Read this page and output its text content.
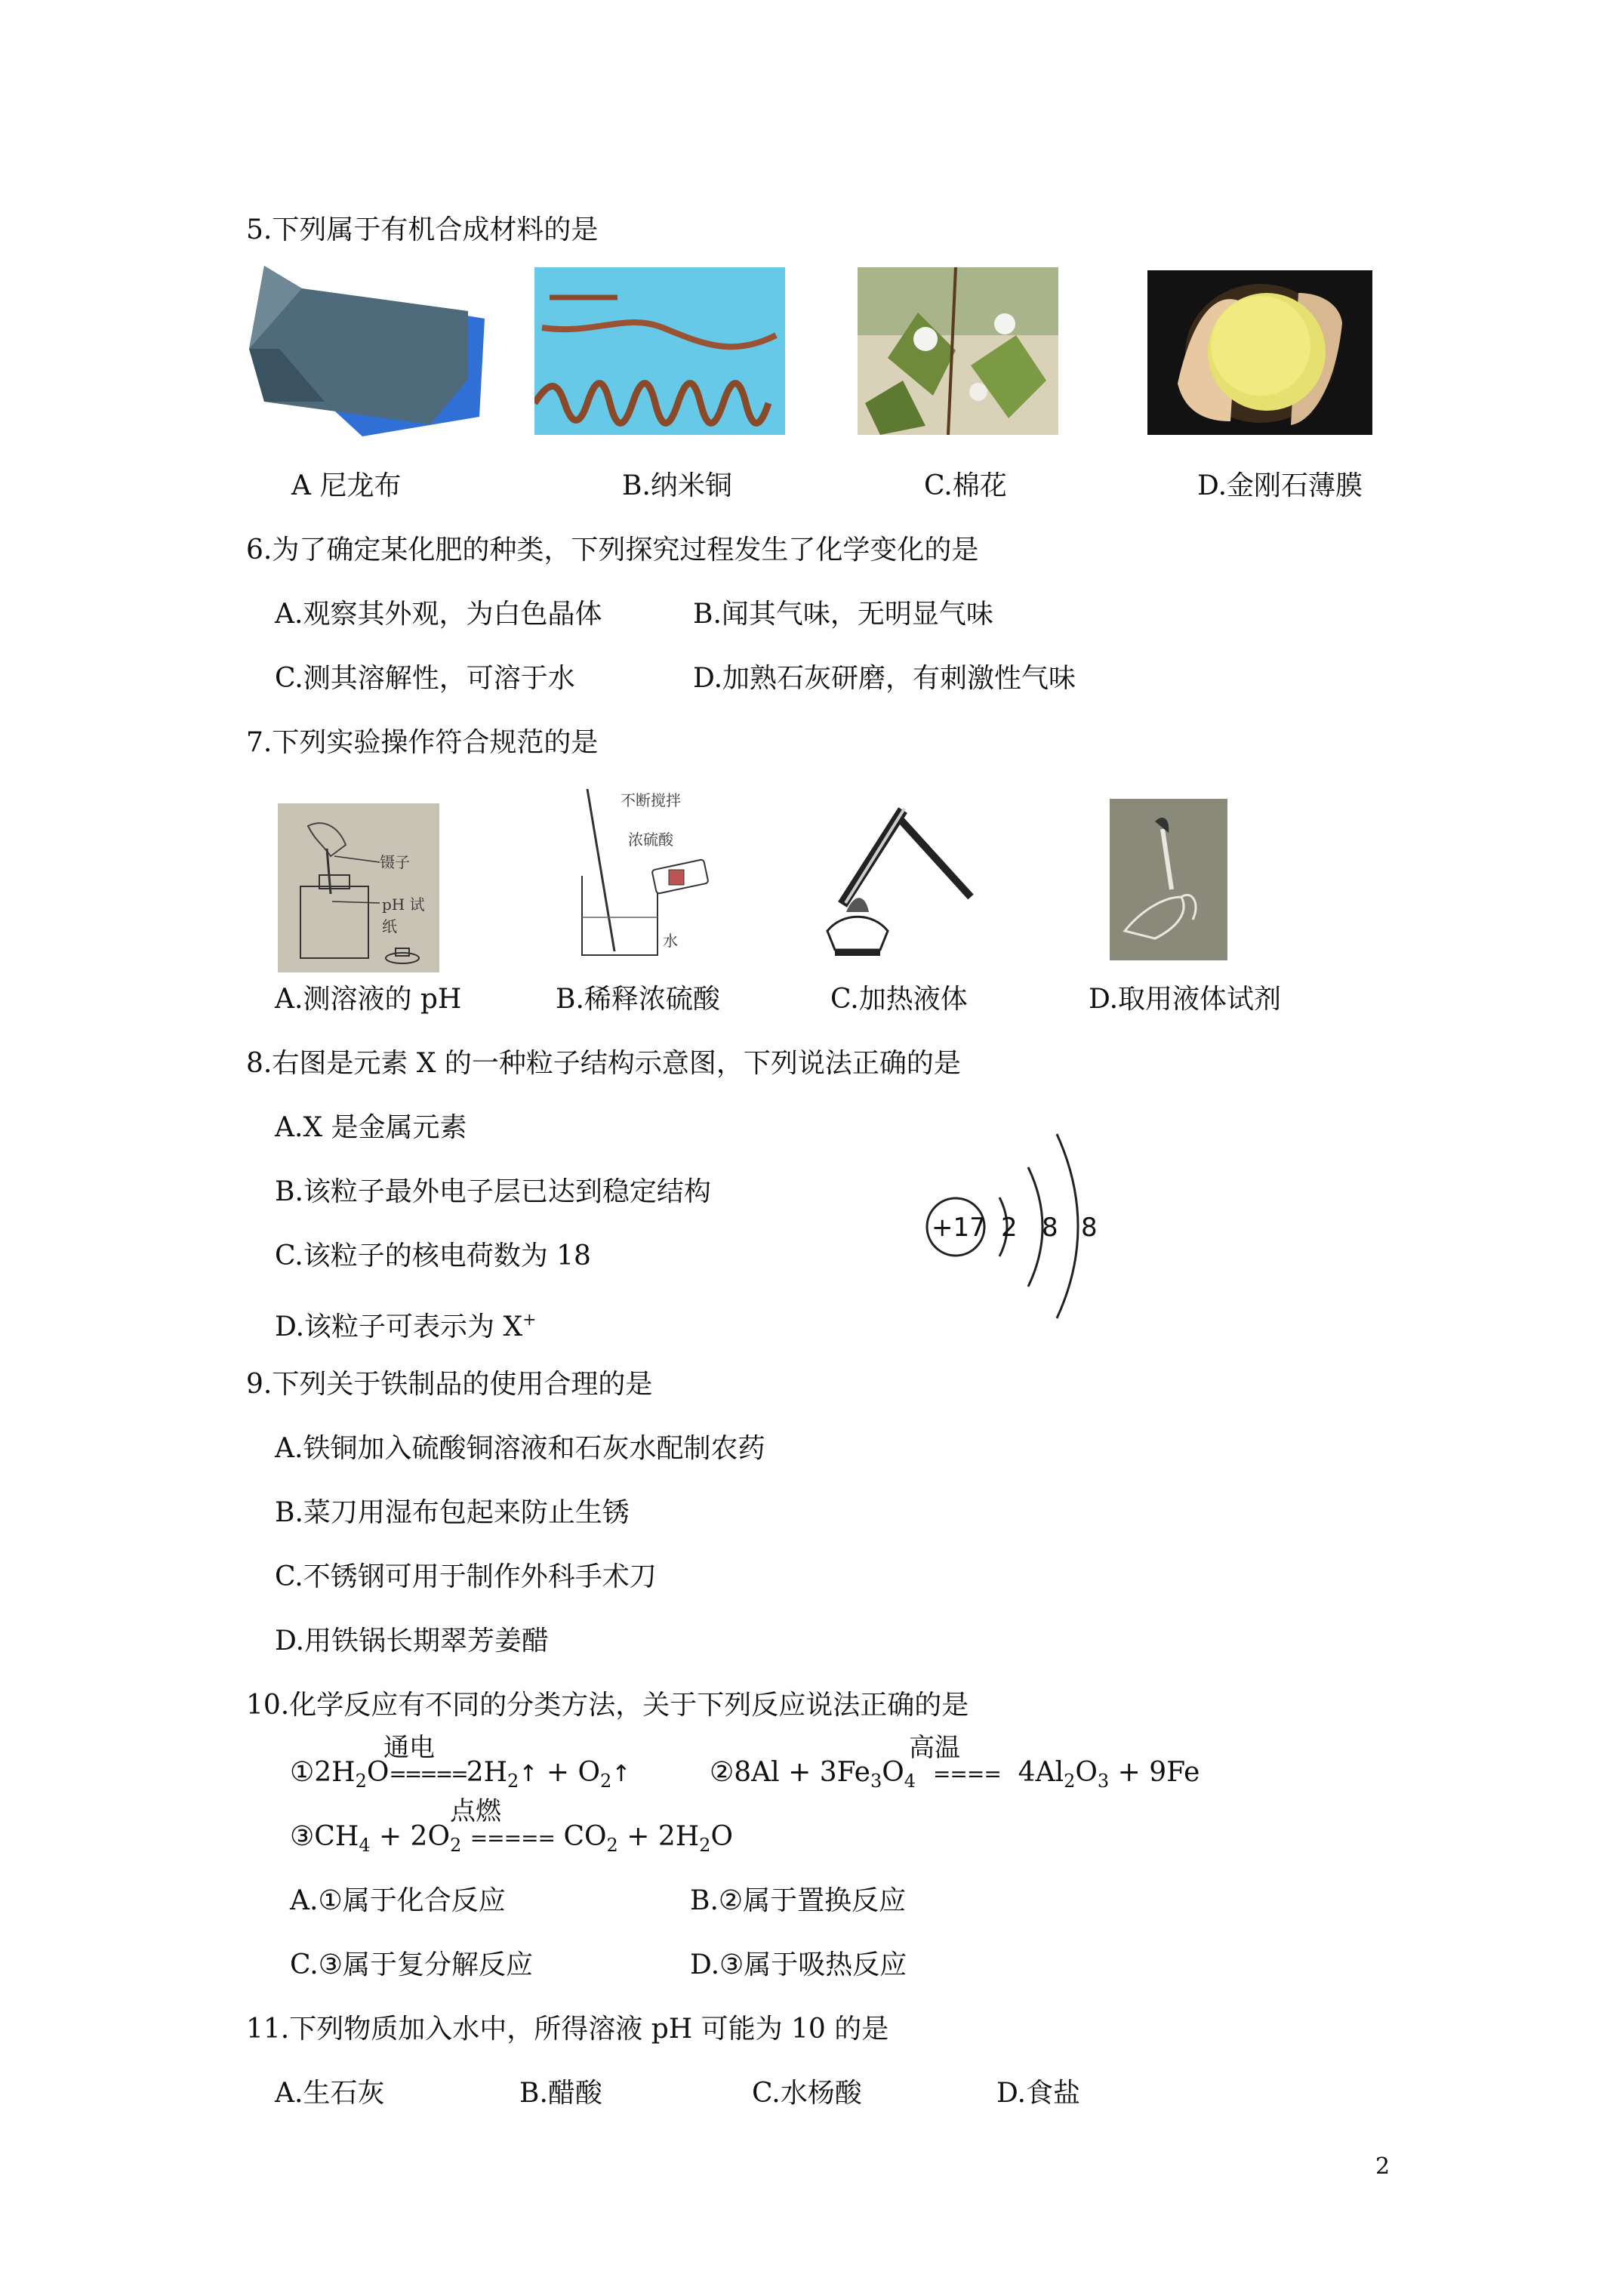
5.下列属于有机合成材料的是
A 尼龙布	B.纳米铜	C.棉花	D.金刚石薄膜
6.为了确定某化肥的种类，下列探究过程发生了化学变化的是
A.观察其外观，为白色晶体	B.闻其气味，无明显气味
C.测其溶解性，可溶于水	D.加熟石灰研磨，有刺激性气味
7.下列实验操作符合规范的是
镊子
pH 试纸
不断搅拌
浓硫酸
水
A.测溶液的 pH	B.稀释浓硫酸	C.加热液体	D.取用液体试剂
8.右图是元素 X 的一种粒子结构示意图，下列说法正确的是
A.X 是金属元素
B.该粒子最外电子层已达到稳定结构
C.该粒子的核电荷数为 18
D.该粒子可表示为 X+
+17 2 8 8
9.下列关于铁制品的使用合理的是
A.铁铜加入硫酸铜溶液和石灰水配制农药
B.菜刀用湿布包起来防止生锈
C.不锈钢可用于制作外科手术刀
D.用铁锅长期翠芳姜醋
10.化学反应有不同的分类方法，关于下列反应说法正确的是
通电
$①2H_2O=====2H_2↑$ + $O_2↑$
高温
②8Al + $3Fe_3O_4$ ==== $4Al_2O_3 + 9Fe$
点燃
$③CH_4 + 2O_2$ ===== $CO_2 + 2H_2O$
A.①属于化合反应	B.②属于置换反应
C.③属于复分解反应	D.③属于吸热反应
11.下列物质加入水中，所得溶液 pH 可能为 10 的是
A.生石灰	B.醋酸	C.水杨酸	D.食盐
2
